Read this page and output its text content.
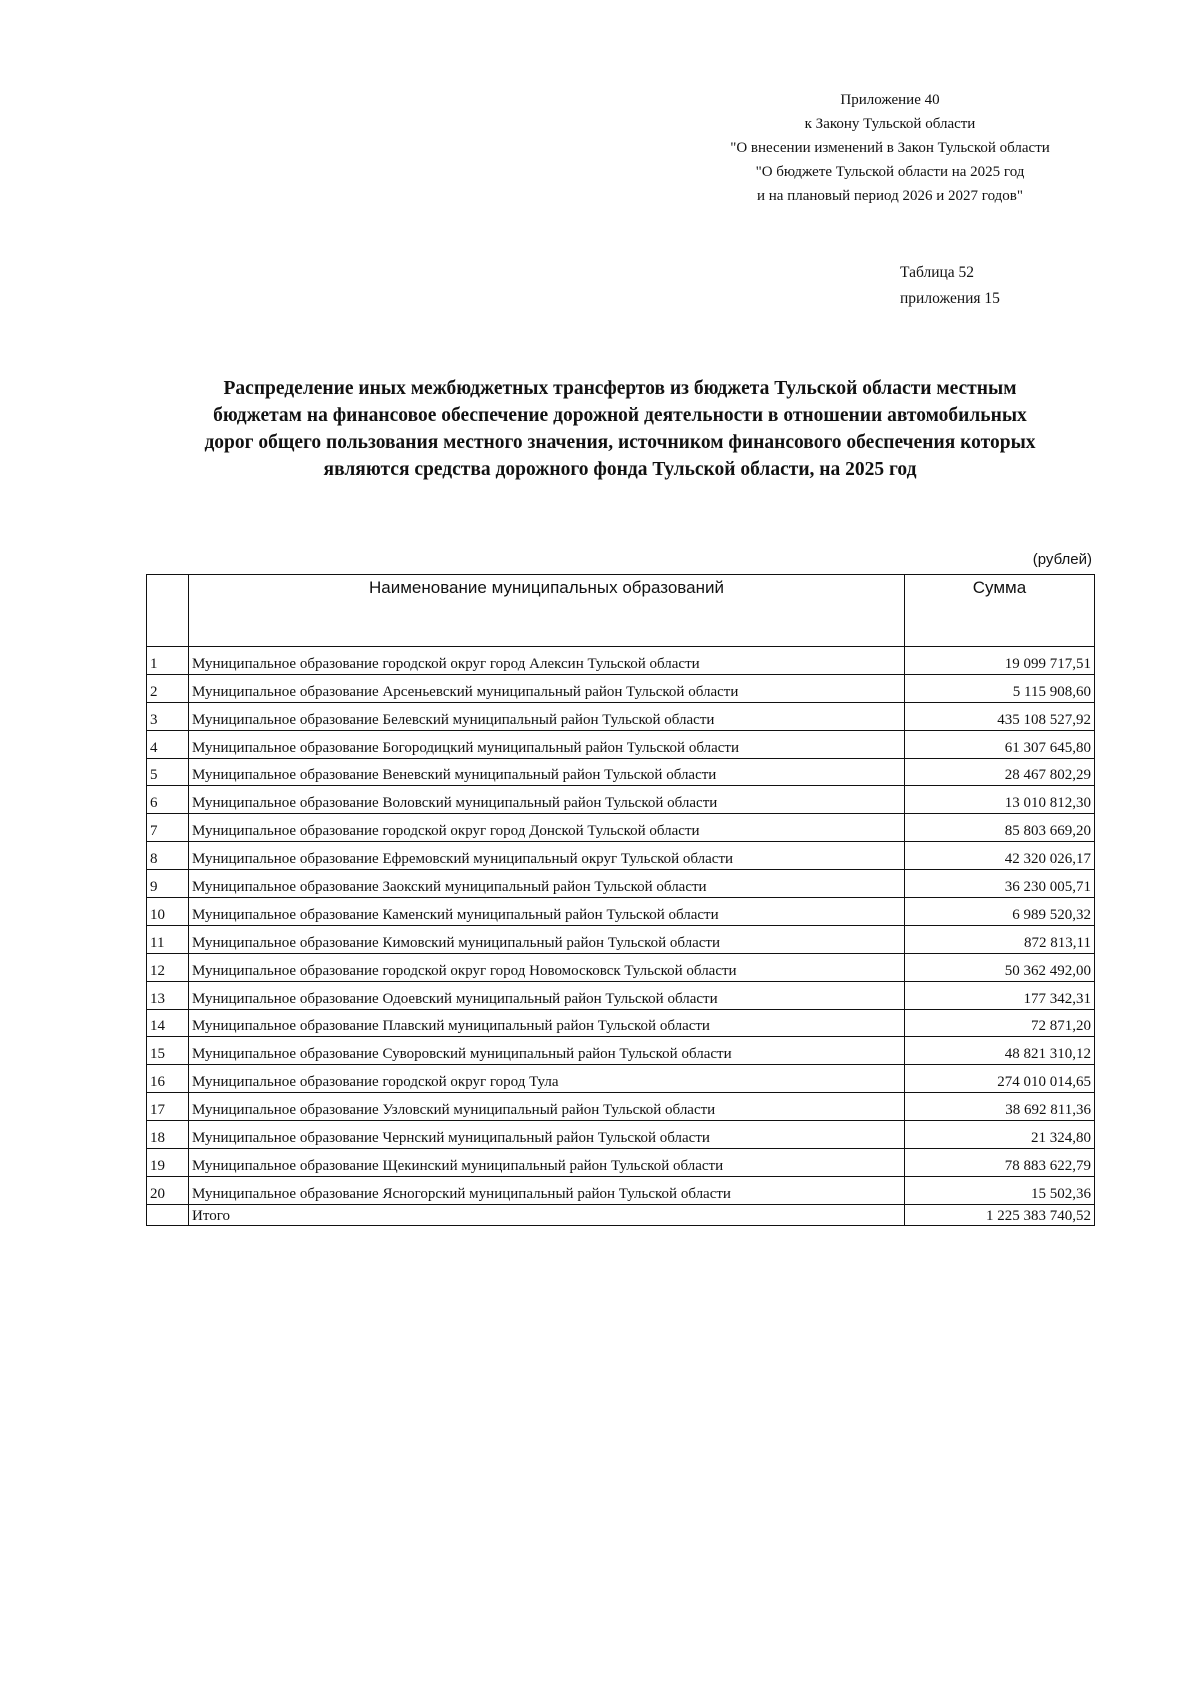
Приложение 40
к Закону Тульской области
"О внесении изменений в Закон Тульской области
"О бюджете Тульской области на 2025 год
и на плановый период 2026 и 2027 годов"
Таблица 52
приложения 15
Распределение иных межбюджетных трансфертов из бюджета Тульской области местным
бюджетам на финансовое обеспечение дорожной деятельности в отношении автомобильных
дорог общего пользования местного значения, источником финансового обеспечения которых
являются средства дорожного фонда Тульской области, на 2025 год
(рублей)
	Наименование муниципальных образований	Сумма
1	Муниципальное образование городской округ город Алексин Тульской области	19 099 717,51
2	Муниципальное образование Арсеньевский муниципальный район Тульской области	5 115 908,60
3	Муниципальное образование Белевский муниципальный район Тульской области	435 108 527,92
4	Муниципальное образование Богородицкий муниципальный район Тульской области	61 307 645,80
5	Муниципальное образование Веневский муниципальный район Тульской области	28 467 802,29
6	Муниципальное образование Воловский муниципальный район Тульской области	13 010 812,30
7	Муниципальное образование городской округ город Донской Тульской области	85 803 669,20
8	Муниципальное образование Ефремовский муниципальный округ Тульской области	42 320 026,17
9	Муниципальное образование Заокский муниципальный район Тульской области	36 230 005,71
10	Муниципальное образование Каменский муниципальный район Тульской области	6 989 520,32
11	Муниципальное образование Кимовский муниципальный район Тульской области	872 813,11
12	Муниципальное образование городской округ город Новомосковск Тульской области	50 362 492,00
13	Муниципальное образование Одоевский муниципальный район Тульской области	177 342,31
14	Муниципальное образование Плавский муниципальный район Тульской области	72 871,20
15	Муниципальное образование Суворовский муниципальный район Тульской области	48 821 310,12
16	Муниципальное образование городской округ город Тула	274 010 014,65
17	Муниципальное образование Узловский муниципальный район Тульской области	38 692 811,36
18	Муниципальное образование Чернский муниципальный район Тульской области	21 324,80
19	Муниципальное образование Щекинский муниципальный район Тульской области	78 883 622,79
20	Муниципальное образование Ясногорский муниципальный район Тульской области	15 502,36
	Итого	1 225 383 740,52
